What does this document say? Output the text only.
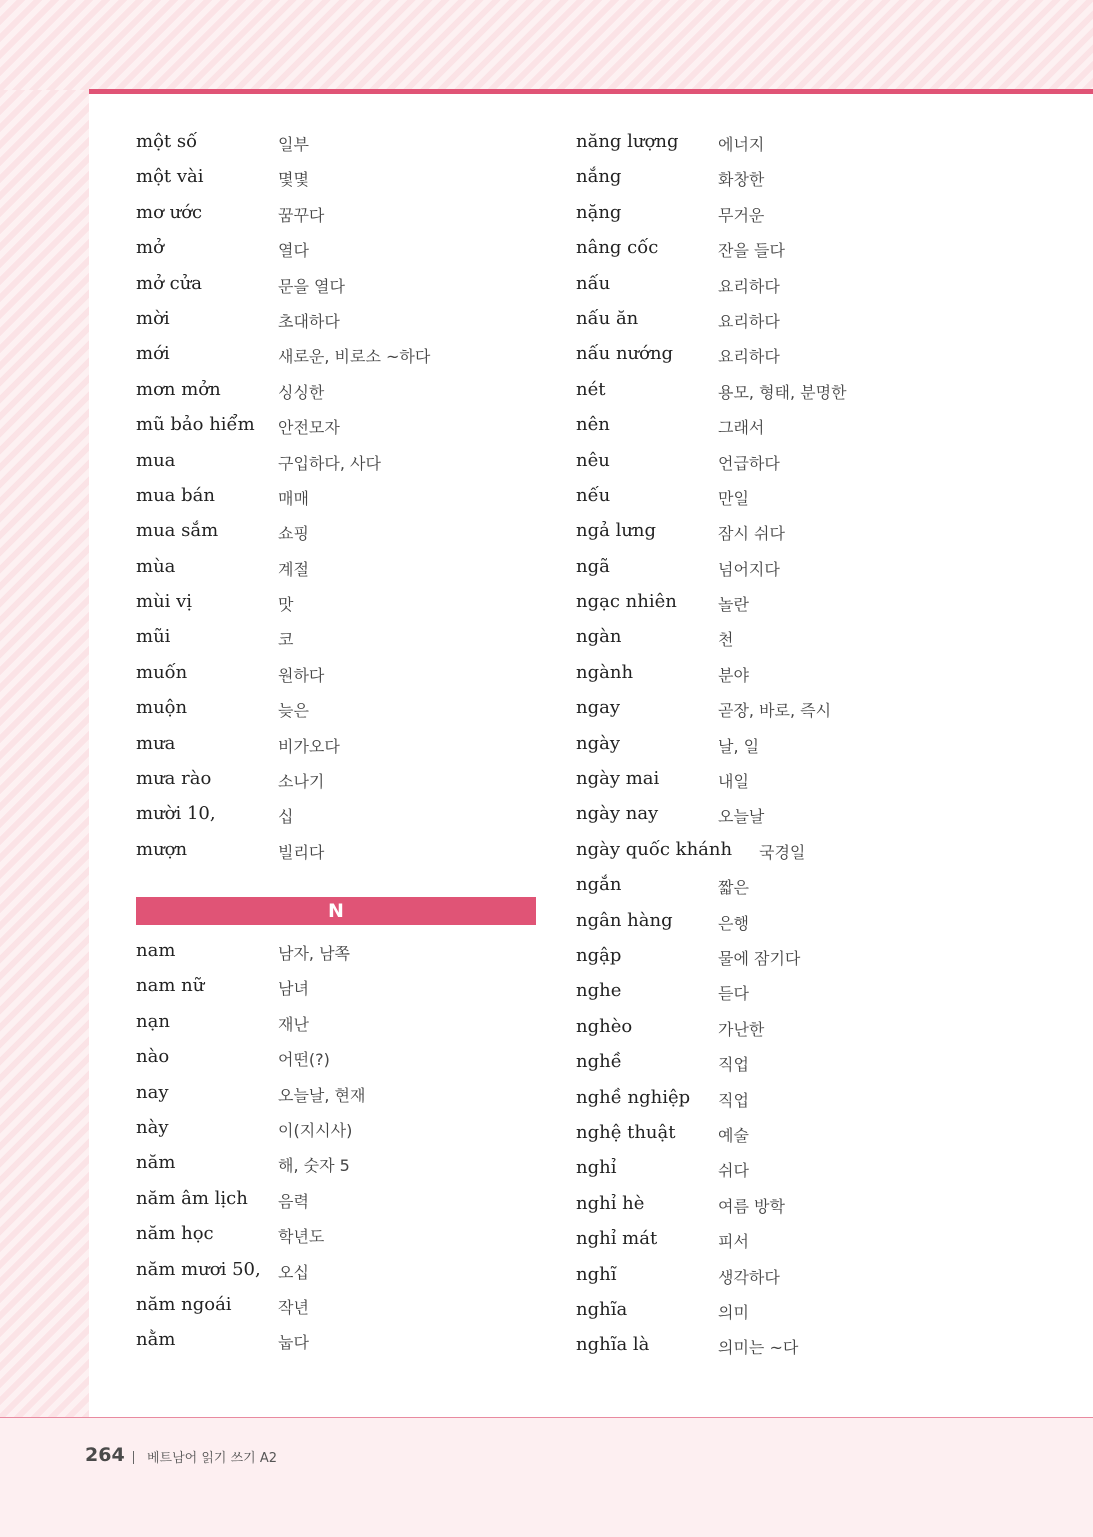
một số	일부
một vài	몇몇
mơ ước	꿈꾸다
mở	열다
mở cửa	문을 열다
mời	초대하다
mới	새로운, 비로소 ~하다
mơn mởn	싱싱한
mũ bảo hiểm 안전모자
mua	구입하다, 사다
mua bán	매매
mua sắm	쇼핑
mùa	계절
mùi vị	맛
mũi	코
muốn	원하다
muộn	늦은
mưa	비가오다
mưa rào	소나기
mười 10,	십
mượn	빌리다
N
nam	남자, 남쪽
nam nữ	남녀
nạn	재난
nào	어떤(?)
nay	오늘날, 현재
này	이(지시사)
năm	해, 숫자 5
năm âm lịch 음력
năm học	학년도
năm mươi 50, 오십
năm ngoái	작년
nằm	눕다
năng lượng 에너지
nắng	화창한
nặng	무거운
nâng cốc	잔을 들다
nấu	요리하다
nấu ăn	요리하다
nấu nướng	요리하다
nét	용모, 형태, 분명한
nên	그래서
nêu	언급하다
nếu	만일
ngả lưng	잠시 쉬다
ngã	넘어지다
ngạc nhiên	놀란
ngàn	천
ngành	분야
ngay	곧장, 바로, 즉시
ngày	날, 일
ngày mai	내일
ngày nay	오늘날
ngày quốc khánh 국경일
ngắn	짧은
ngân hàng	은행
ngập	물에 잠기다
nghe	듣다
nghèo	가난한
nghề	직업
nghề nghiệp 직업
nghệ thuật	예술
nghỉ	쉬다
nghỉ hè	여름 방학
nghỉ mát	피서
nghĩ	생각하다
nghĩa	의미
nghĩa là	의미는 ~다
264 베트남어 읽기 쓰기 A2
